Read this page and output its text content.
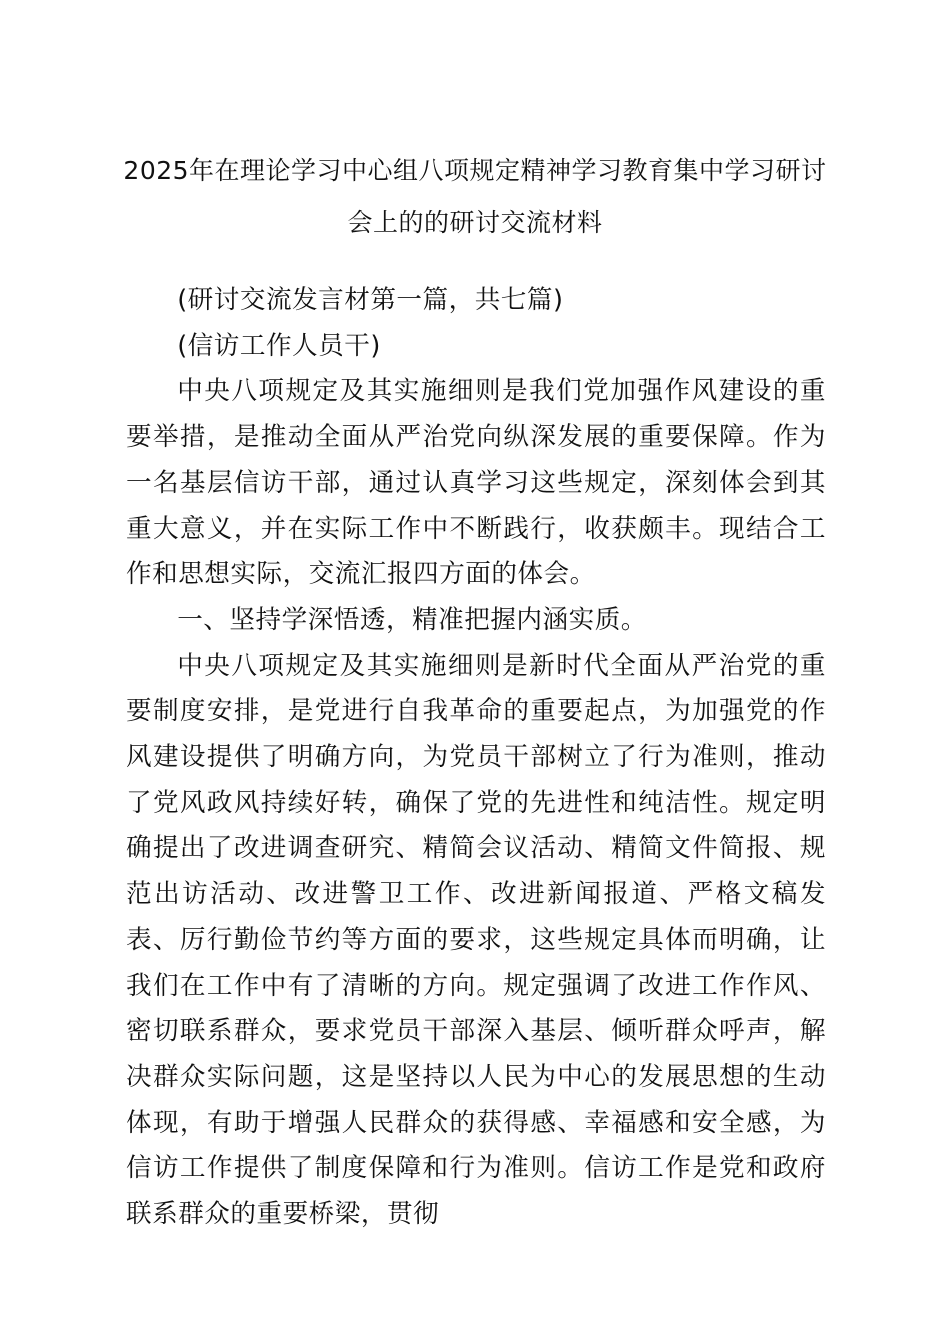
2025年在理论学习中心组八项规定精神学习教育集中学习研讨
会上的的研讨交流材料

(研讨交流发言材第一篇，共七篇)

(信访工作人员干)

中央八项规定及其实施细则是我们党加强作风建设的重要举措，是推动全面从严治党向纵深发展的重要保障。作为一名基层信访干部，通过认真学习这些规定，深刻体会到其重大意义，并在实际工作中不断践行，收获颇丰。现结合工作和思想实际，交流汇报四方面的体会。

一、坚持学深悟透，精准把握内涵实质。

中央八项规定及其实施细则是新时代全面从严治党的重要制度安排，是党进行自我革命的重要起点，为加强党的作风建设提供了明确方向，为党员干部树立了行为准则，推动了党风政风持续好转，确保了党的先进性和纯洁性。规定明确提出了改进调查研究、精简会议活动、精简文件简报、规范出访活动、改进警卫工作、改进新闻报道、严格文稿发表、厉行勤俭节约等方面的要求，这些规定具体而明确，让我们在工作中有了清晰的方向。规定强调了改进工作作风、密切联系群众，要求党员干部深入基层、倾听群众呼声，解决群众实际问题，这是坚持以人民为中心的发展思想的生动体现，有助于增强人民群众的获得感、幸福感和安全感，为信访工作提供了制度保障和行为准则。信访工作是党和政府联系群众的重要桥梁，贯彻
